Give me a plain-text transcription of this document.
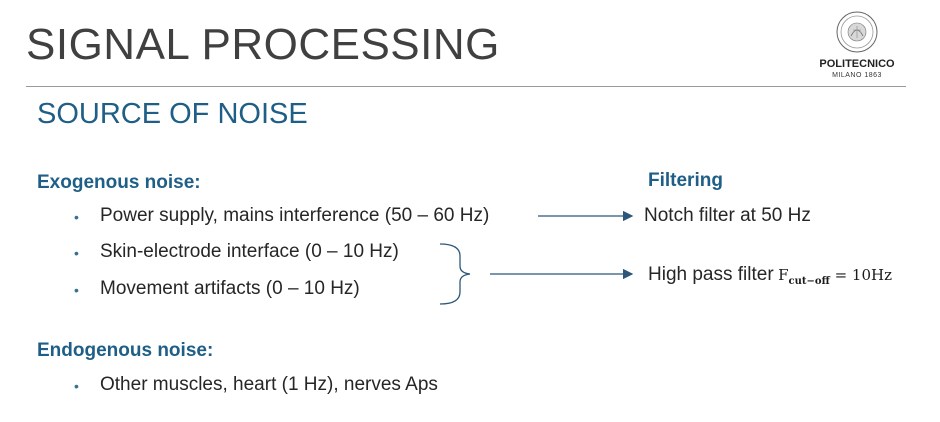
SIGNAL PROCESSING
SOURCE OF NOISE
POLITECNICO
MILANO 1863
Exogenous noise:
• Power supply, mains interference (50 – 60 Hz)
• Skin-electrode interface (0 – 10 Hz)
• Movement artifacts (0 – 10 Hz)
Filtering
Notch filter at 50 Hz
High pass filter $F_{cut-off} = 10Hz$
Endogenous noise:
• Other muscles, heart (1 Hz), nerves Aps
